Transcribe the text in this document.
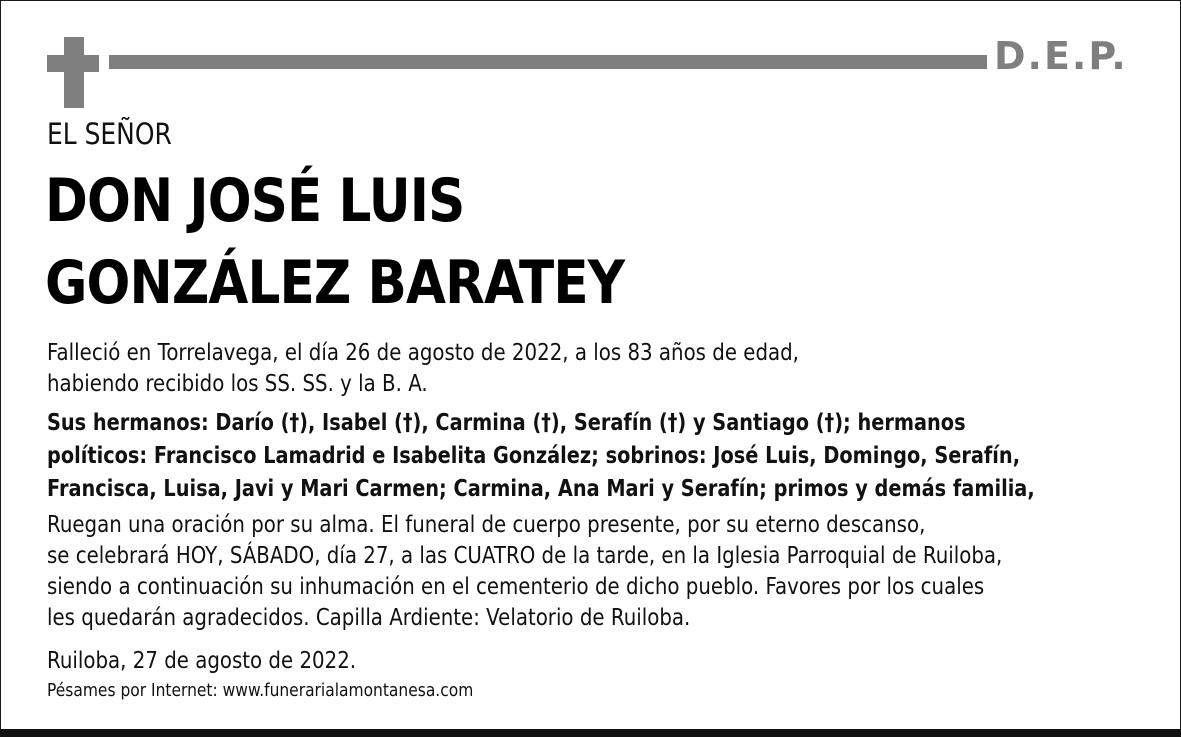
D.E.P.
EL SEÑOR
DON JOSÉ LUIS
GONZÁLEZ BARATEY
Falleció en Torrelavega, el día 26 de agosto de 2022, a los 83 años de edad,
habiendo recibido los SS. SS. y la B. A.
Sus hermanos: Darío (†), Isabel (†), Carmina (†), Serafín (†) y Santiago (†); hermanos
políticos: Francisco Lamadrid e Isabelita González; sobrinos: José Luis, Domingo, Serafín,
Francisca, Luisa, Javi y Mari Carmen; Carmina, Ana Mari y Serafín; primos y demás familia,
Ruegan una oración por su alma. El funeral de cuerpo presente, por su eterno descanso,
se celebrará HOY, SÁBADO, día 27, a las CUATRO de la tarde, en la Iglesia Parroquial de Ruiloba,
siendo a continuación su inhumación en el cementerio de dicho pueblo. Favores por los cuales
les quedarán agradecidos. Capilla Ardiente: Velatorio de Ruiloba.
Ruiloba, 27 de agosto de 2022.
Pésames por Internet: www.funerarialamontanesa.com
